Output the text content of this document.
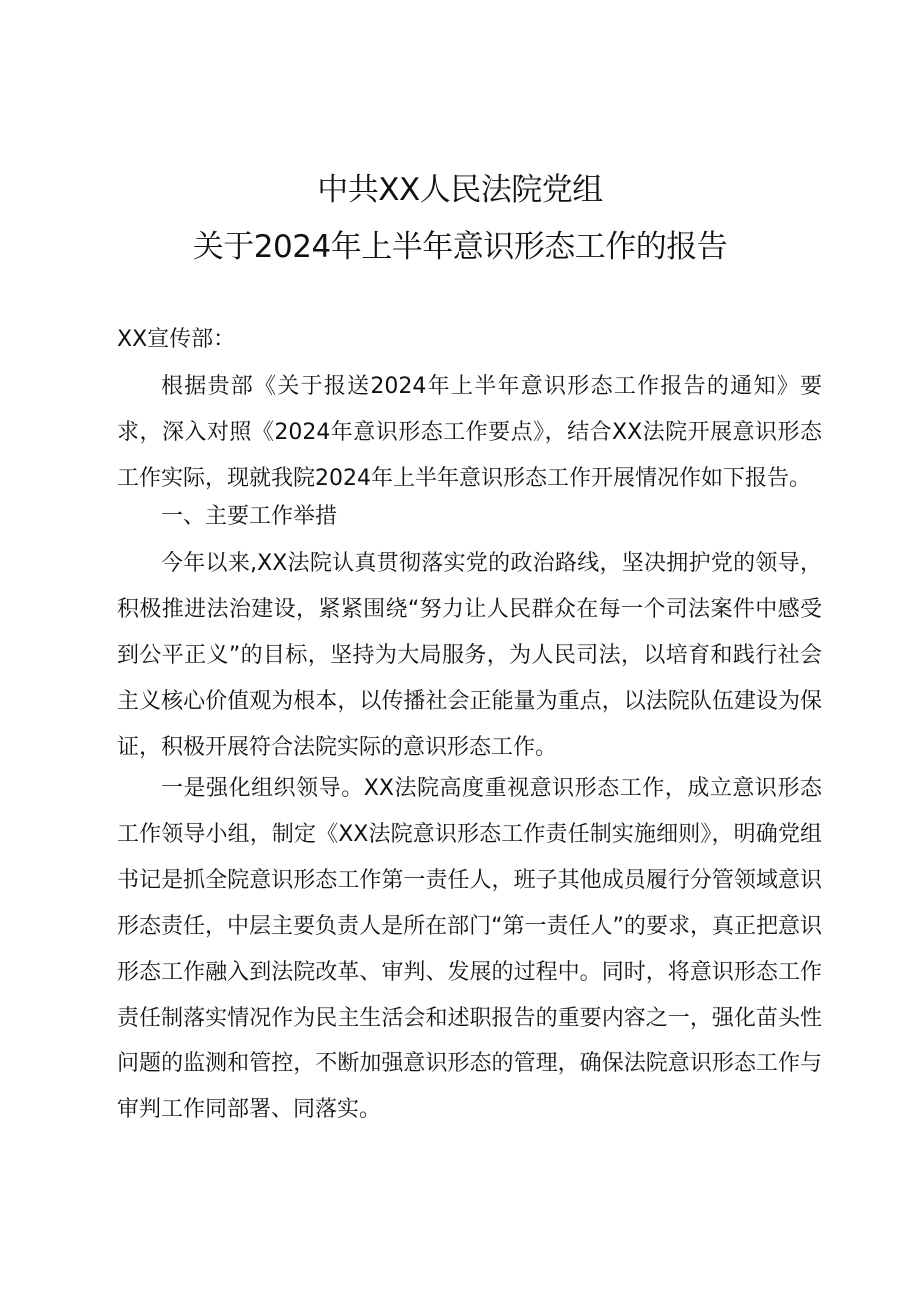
中共XX人民法院党组
关于2024年上半年意识形态工作的报告
XX宣传部：

根据贵部《关于报送2024年上半年意识形态工作报告的通知》要求，深入对照《2024年意识形态工作要点》，结合XX法院开展意识形态工作实际，现就我院2024年上半年意识形态工作开展情况作如下报告。

一、主要工作举措

今年以来,XX法院认真贯彻落实党的政治路线，坚决拥护党的领导，积极推进法治建设，紧紧围绕“努力让人民群众在每一个司法案件中感受到公平正义”的目标，坚持为大局服务，为人民司法，以培育和践行社会主义核心价值观为根本，以传播社会正能量为重点，以法院队伍建设为保证，积极开展符合法院实际的意识形态工作。

一是强化组织领导。XX法院高度重视意识形态工作，成立意识形态工作领导小组，制定《XX法院意识形态工作责任制实施细则》，明确党组书记是抓全院意识形态工作第一责任人，班子其他成员履行分管领域意识形态责任，中层主要负责人是所在部门“第一责任人”的要求，真正把意识形态工作融入到法院改革、审判、发展的过程中。同时，将意识形态工作责任制落实情况作为民主生活会和述职报告的重要内容之一，强化苗头性问题的监测和管控，不断加强意识形态的管理，确保法院意识形态工作与审判工作同部署、同落实。
